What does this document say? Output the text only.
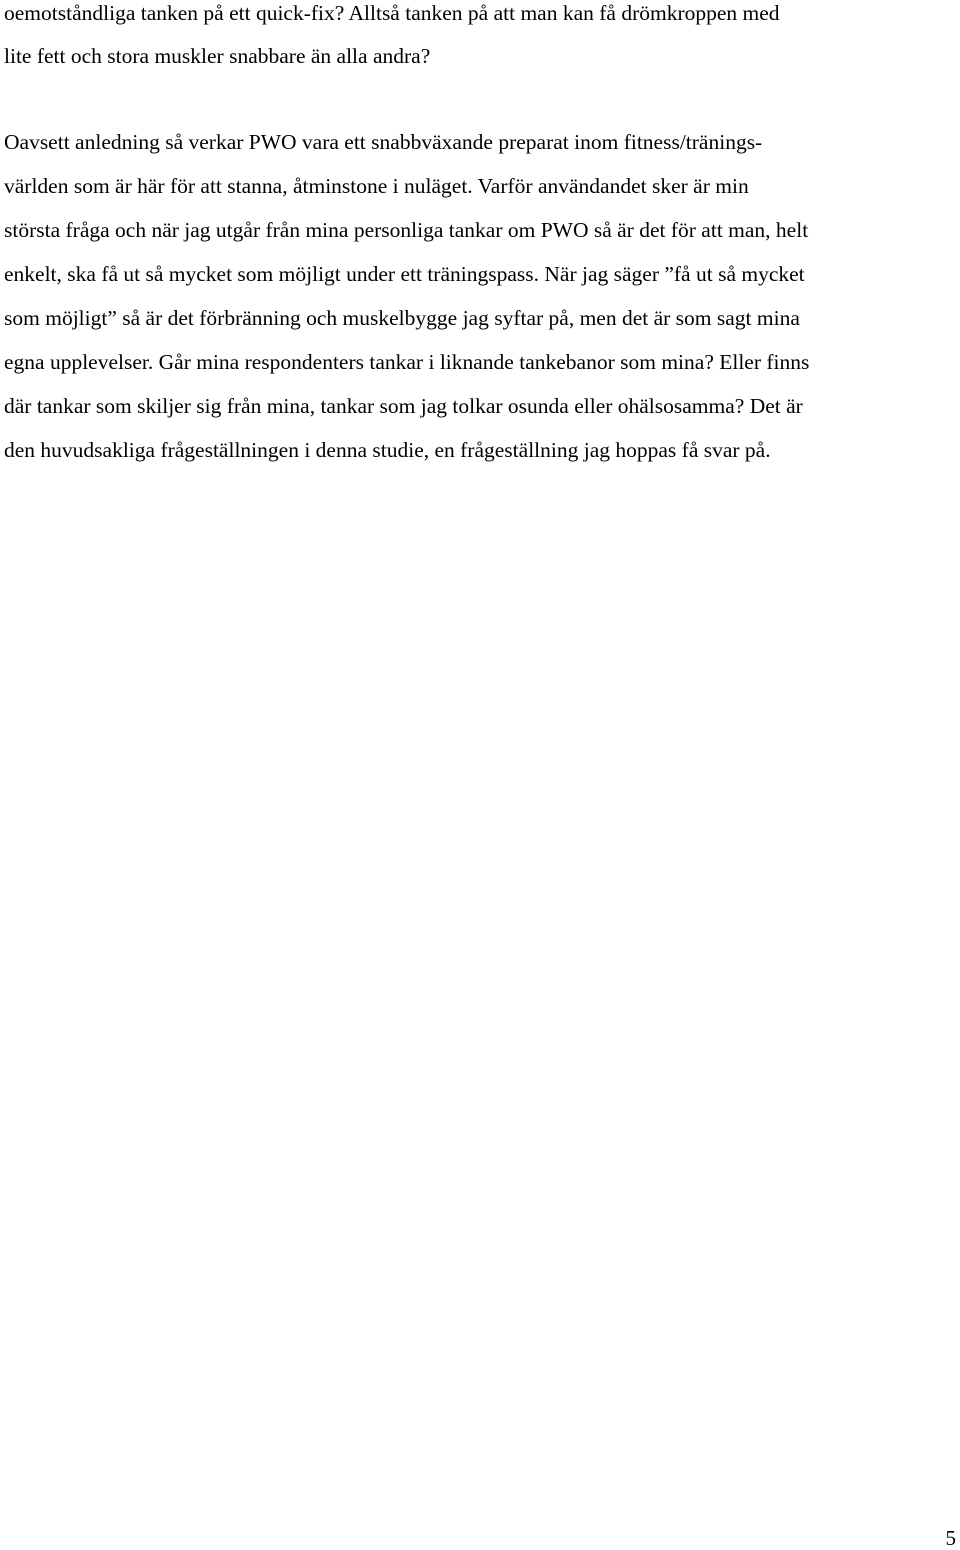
oemotståndliga tanken på ett quick-fix? Alltså tanken på att man kan få drömkroppen med
lite fett och stora muskler snabbare än alla andra?
Oavsett anledning så verkar PWO vara ett snabbväxande preparat inom fitness/tränings-
världen som är här för att stanna, åtminstone i nuläget. Varför användandet sker är min
största fråga och när jag utgår från mina personliga tankar om PWO så är det för att man, helt
enkelt, ska få ut så mycket som möjligt under ett träningspass. När jag säger ”få ut så mycket
som möjligt” så är det förbränning och muskelbygge jag syftar på, men det är som sagt mina
egna upplevelser. Går mina respondenters tankar i liknande tankebanor som mina? Eller finns
där tankar som skiljer sig från mina, tankar som jag tolkar osunda eller ohälsosamma? Det är
den huvudsakliga frågeställningen i denna studie, en frågeställning jag hoppas få svar på.
5
